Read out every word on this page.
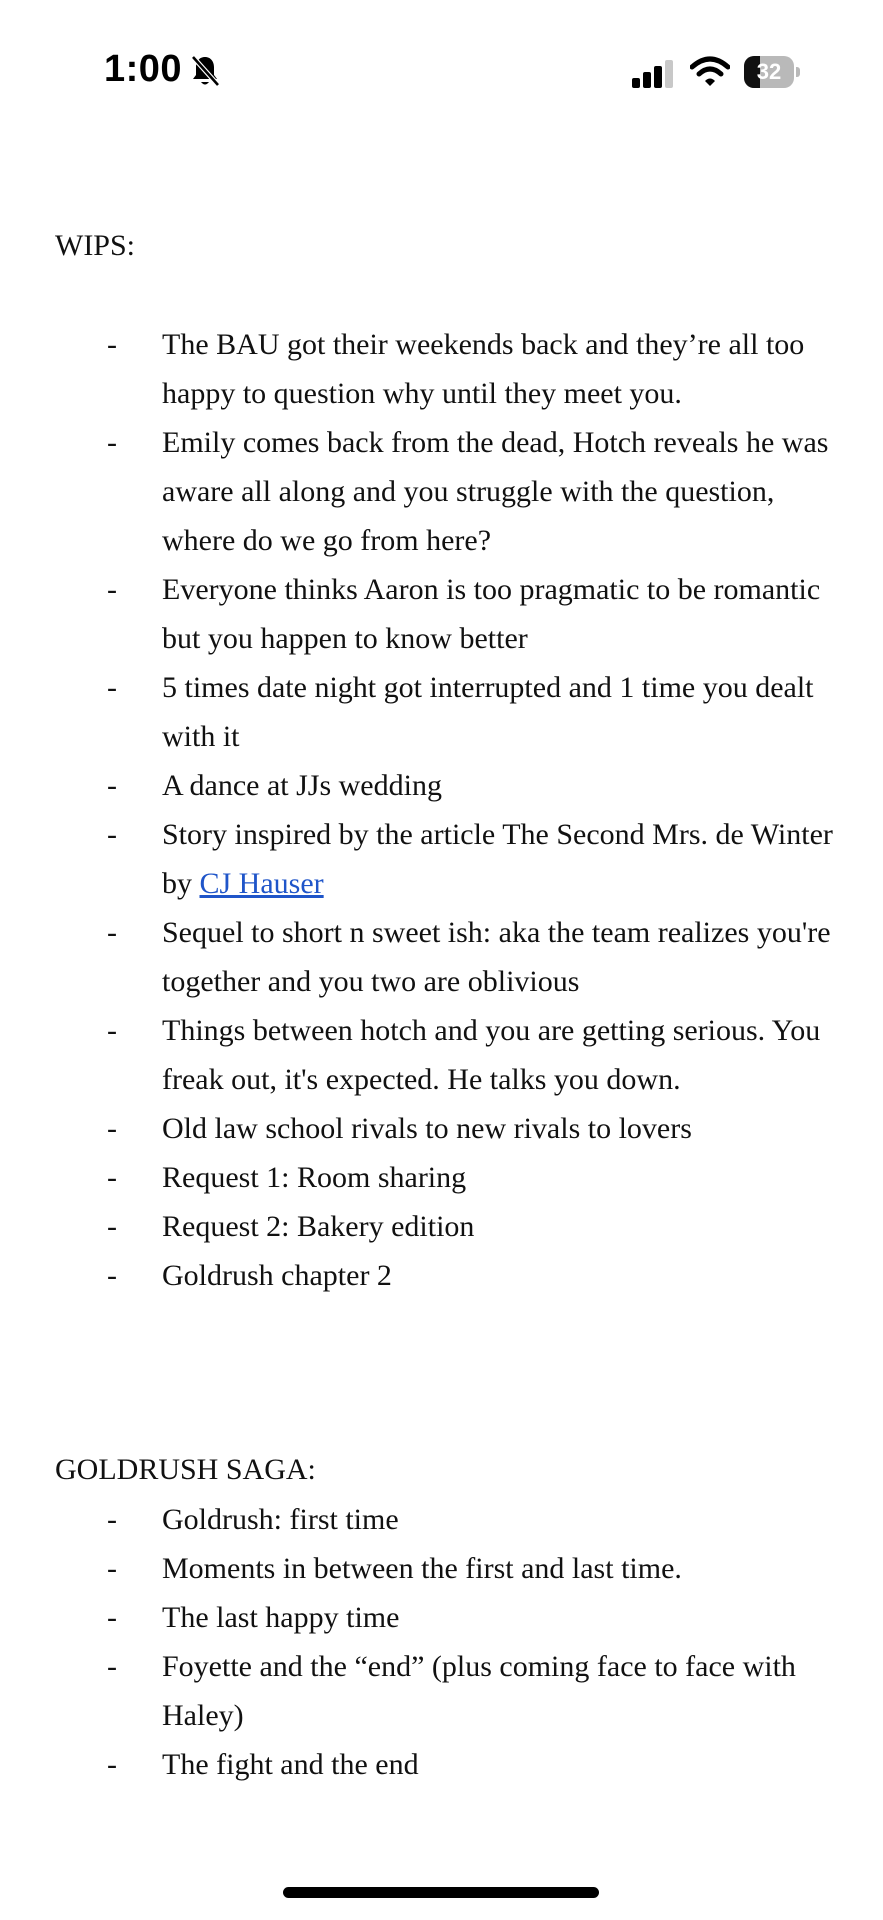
1:00	32
WIPS:
- The BAU got their weekends back and they’re all too happy to question why until they meet you.
- Emily comes back from the dead, Hotch reveals he was aware all along and you struggle with the question, where do we go from here?
- Everyone thinks Aaron is too pragmatic to be romantic but you happen to know better
- 5 times date night got interrupted and 1 time you dealt with it
- A dance at JJs wedding
- Story inspired by the article The Second Mrs. de Winter by CJ Hauser
- Sequel to short n sweet ish: aka the team realizes you're together and you two are oblivious
- Things between hotch and you are getting serious. You freak out, it's expected. He talks you down.
- Old law school rivals to new rivals to lovers
- Request 1: Room sharing
- Request 2: Bakery edition
- Goldrush chapter 2
GOLDRUSH SAGA:
- Goldrush: first time
- Moments in between the first and last time.
- The last happy time
- Foyette and the “end” (plus coming face to face with Haley)
- The fight and the end
